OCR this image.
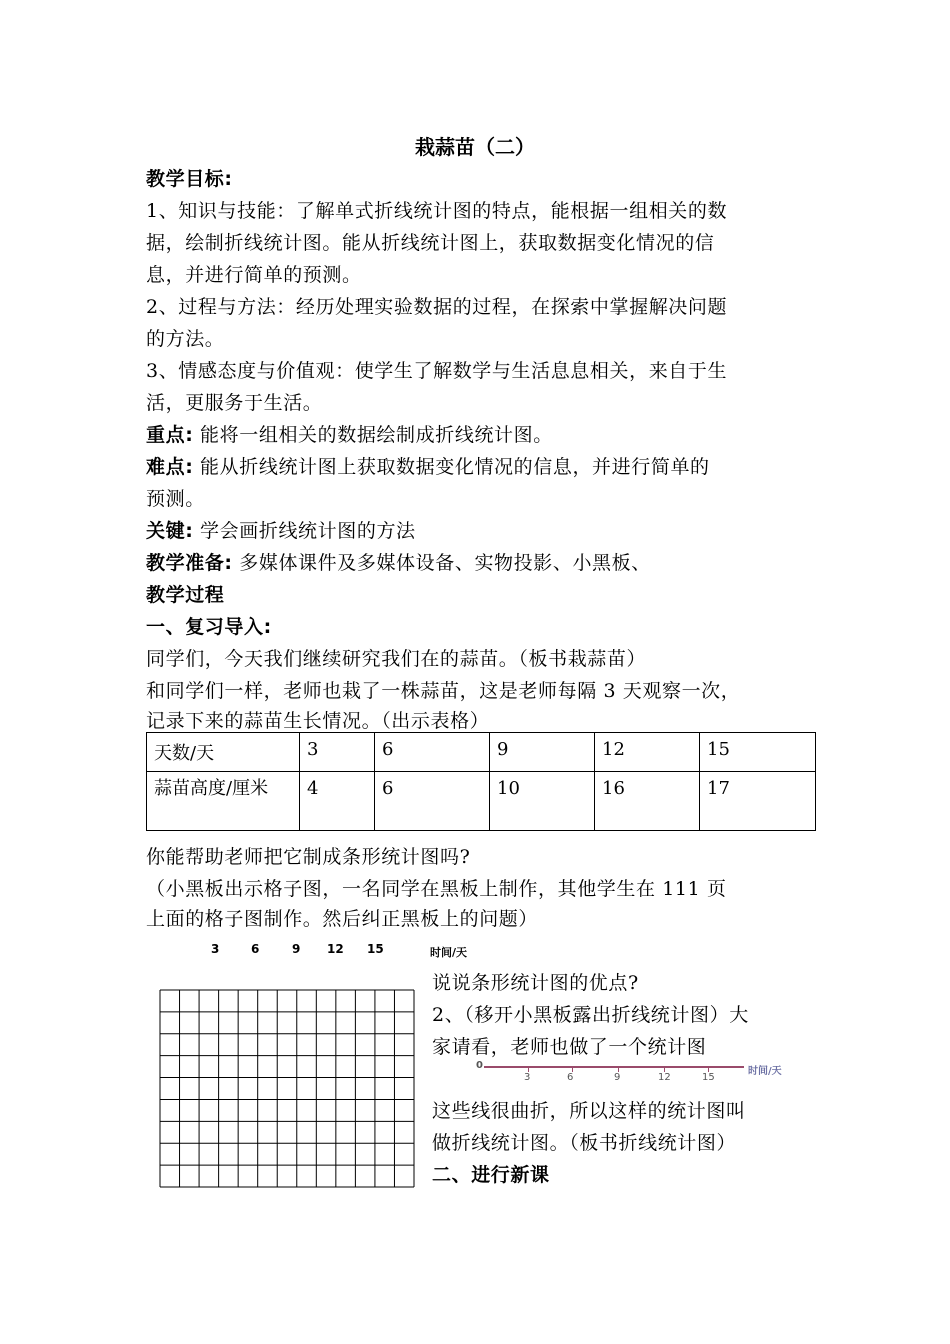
栽蒜苗（二）
教学目标:
1、知识与技能：了解单式折线统计图的特点，能根据一组相关的数
据，绘制折线统计图。能从折线统计图上，获取数据变化情况的信
息，并进行简单的预测。
2、过程与方法：经历处理实验数据的过程，在探索中掌握解决问题
的方法。
3、情感态度与价值观：使学生了解数学与生活息息相关，来自于生
活，更服务于生活。
重点: 能将一组相关的数据绘制成折线统计图。
难点: 能从折线统计图上获取数据变化情况的信息，并进行简单的
预测。
关键: 学会画折线统计图的方法
教学准备: 多媒体课件及多媒体设备、实物投影、小黑板、
教学过程
一、复习导入:
同学们，今天我们继续研究我们在的蒜苗。（板书栽蒜苗）
和同学们一样，老师也栽了一株蒜苗，这是老师每隔 3 天观察一次，
记录下来的蒜苗生长情况。（出示表格）
天数/天	3	6	9	12	15
蒜苗高度/厘米	4	6	10	16	17
你能帮助老师把它制成条形统计图吗?
（小黑板出示格子图，一名同学在黑板上制作，其他学生在 111 页
上面的格子图制作。然后纠正黑板上的问题）
3	6	9 12 15	时间/天
说说条形统计图的优点?
2、（移开小黑板露出折线统计图）大
家请看，老师也做了一个统计图
0
3	6	9	12	15
时间/天
这些线很曲折，所以这样的统计图叫
做折线统计图。（板书折线统计图）
二、进行新课
